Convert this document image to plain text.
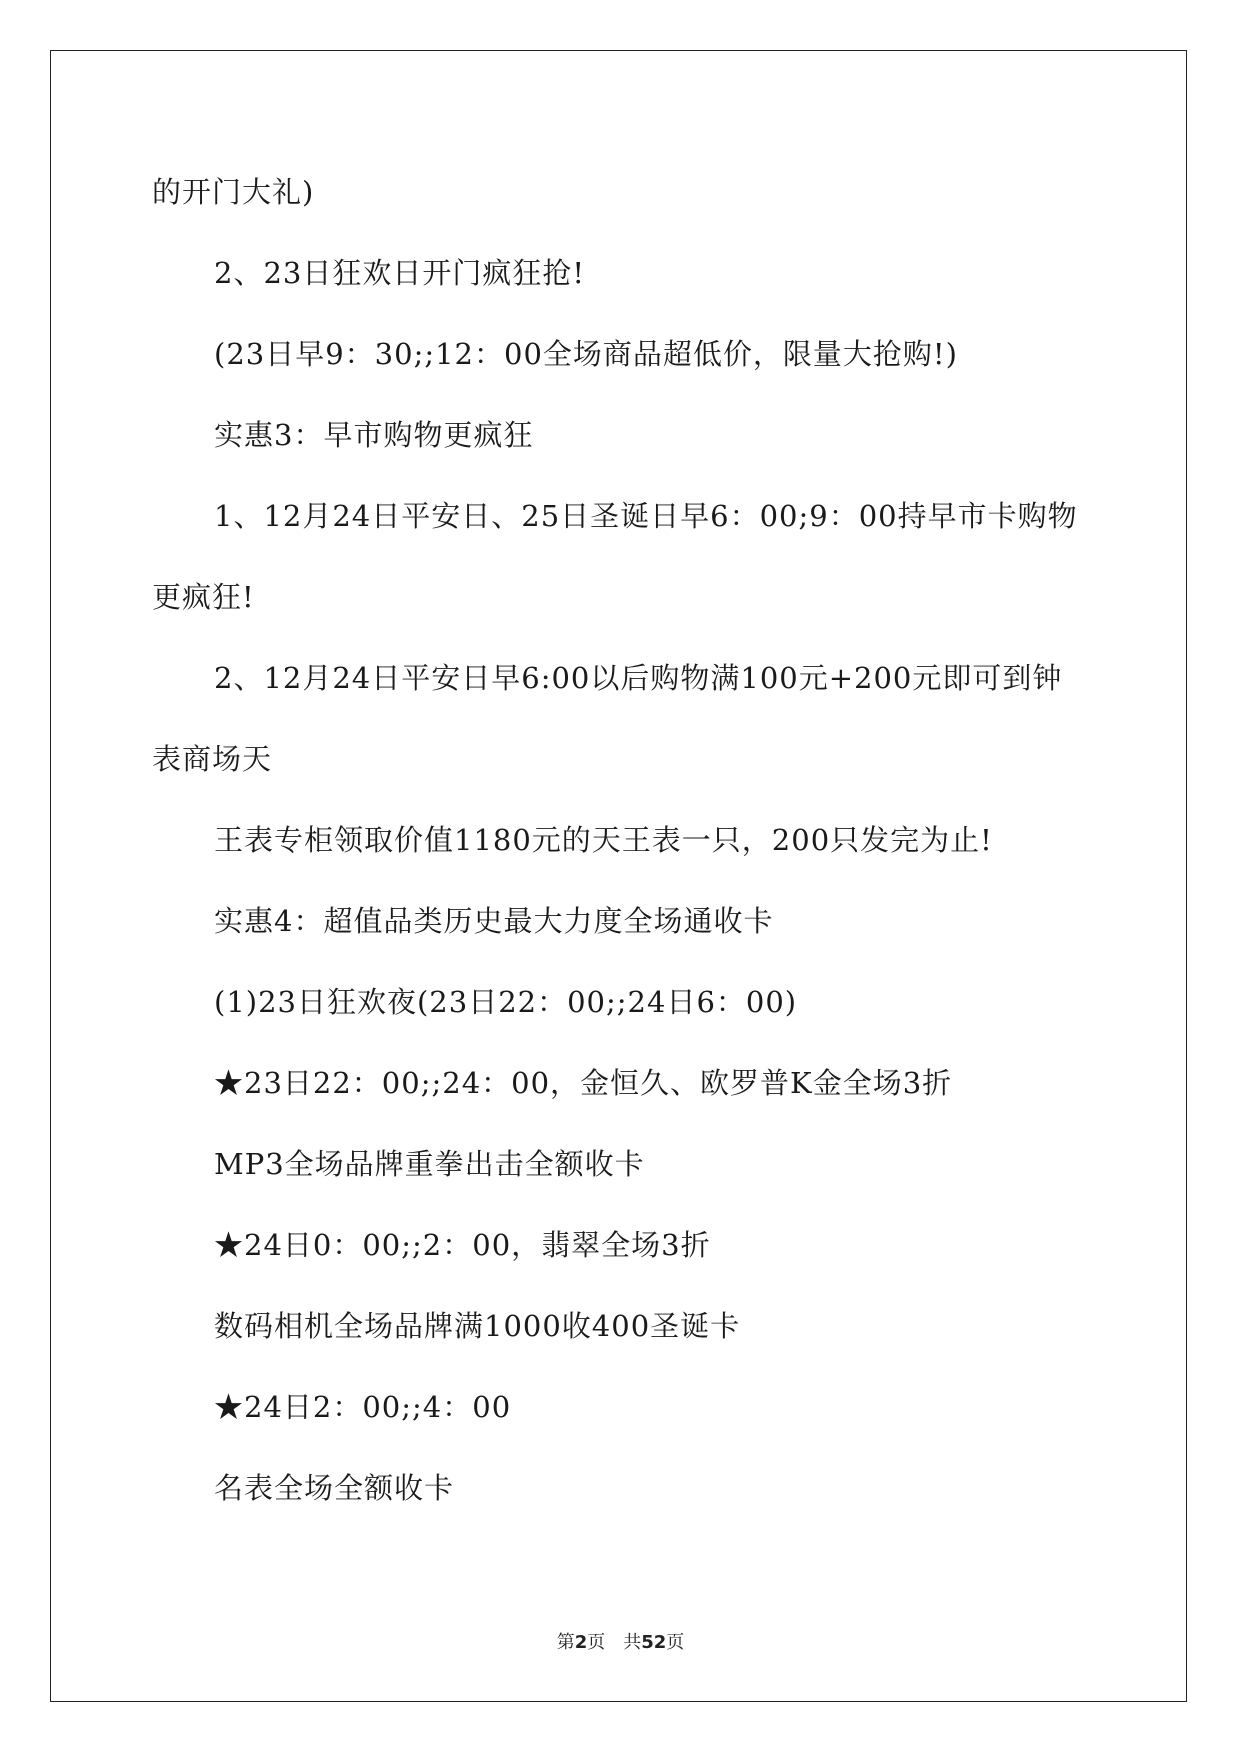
的开门大礼)
2、23日狂欢日开门疯狂抢!
(23日早9：30;;12：00全场商品超低价，限量大抢购!)
实惠3：早市购物更疯狂
1、12月24日平安日、25日圣诞日早6：00;9：00持早市卡购物
更疯狂!
2、12月24日平安日早6:00以后购物满100元+200元即可到钟
表商场天
王表专柜领取价值1180元的天王表一只，200只发完为止!
实惠4：超值品类历史最大力度全场通收卡
(1)23日狂欢夜(23日22：00;;24日6：00)
★23日22：00;;24：00，金恒久、欧罗普K金全场3折
MP3全场品牌重拳出击全额收卡
★24日0：00;;2：00，翡翠全场3折
数码相机全场品牌满1000收400圣诞卡
★24日2：00;;4：00
名表全场全额收卡
第2页 共52页
